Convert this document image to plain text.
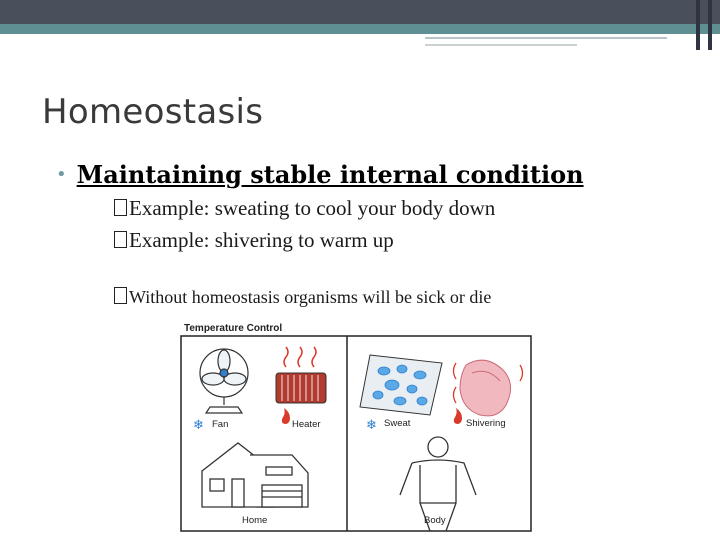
Homeostasis
• Maintaining stable internal condition
Example: sweating to cool your body down
Example: shivering to warm up
Without homeostasis organisms will be sick or die
Temperature Control
❄	❄
Fan	Heater
Home
Sweat	Shivering
Body
